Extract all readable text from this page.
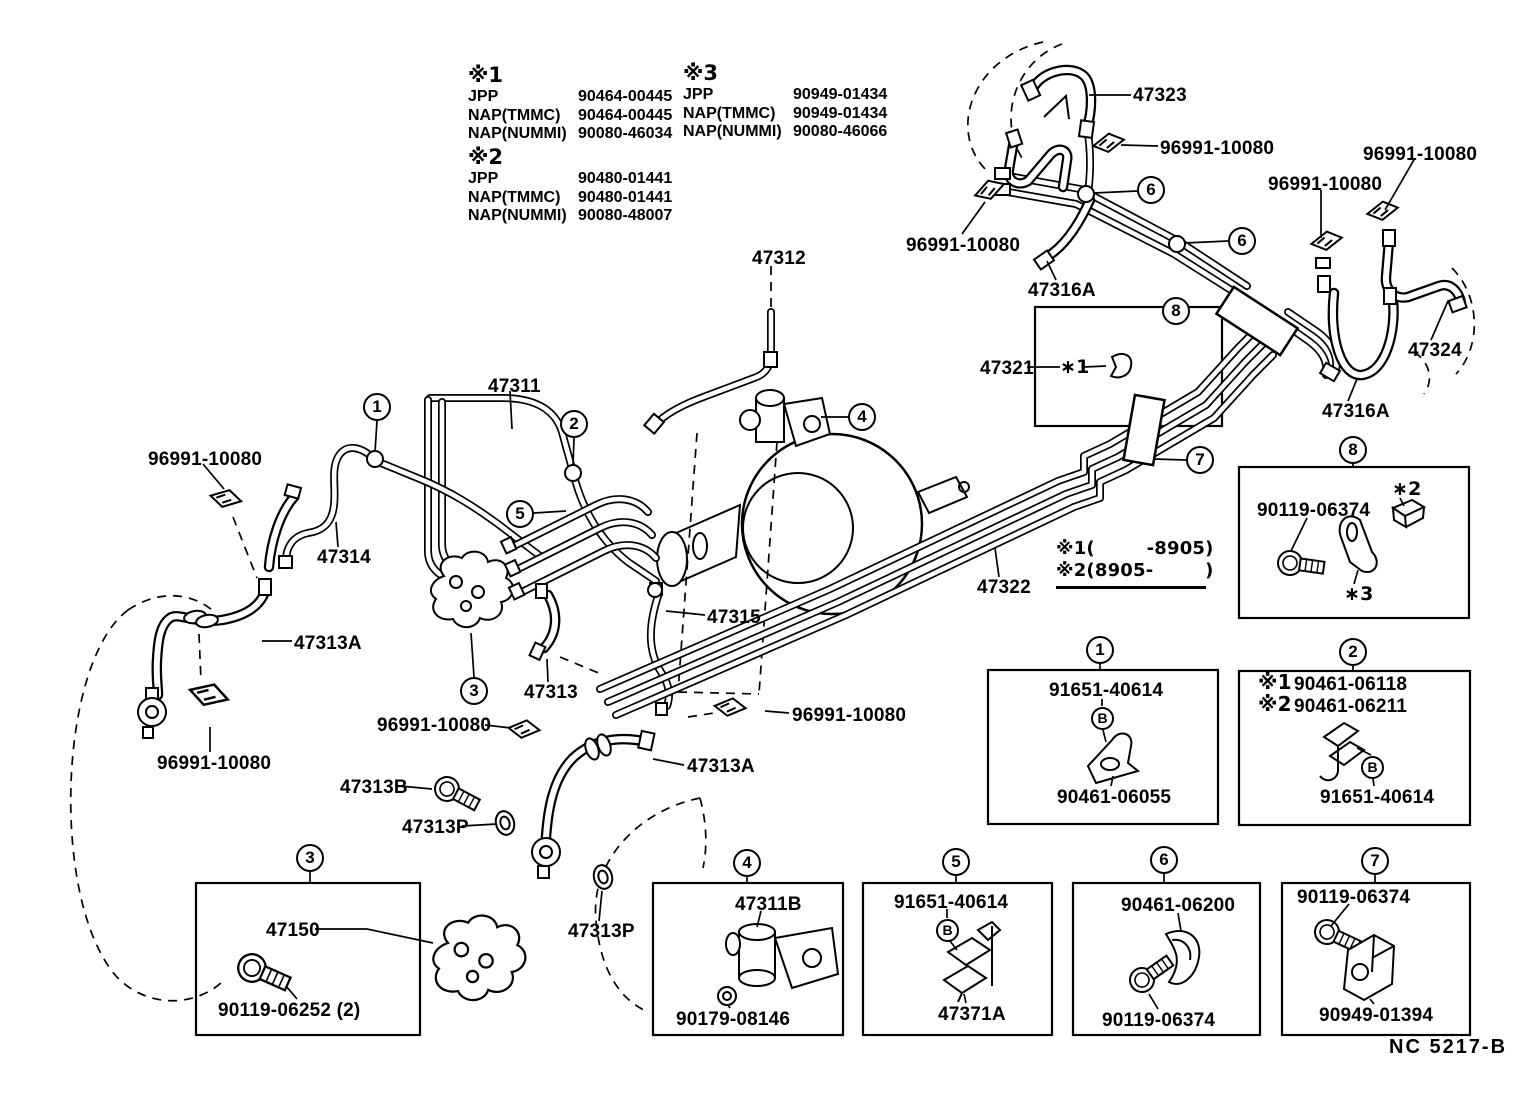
※1
JPP	90464-00445
NAP(TMMC)	90464-00445
NAP(NUMMI) 90080-46034
※2
JPP	90480-01441
NAP(TMMC)	90480-01441
NAP(NUMMI) 90080-48007
※3
JPP	90949-01434
NAP(TMMC)	90949-01434
NAP(NUMMI) 90080-46066
47323
96991-10080	96991-10080
96991-10080
96991-10080
47316A
47312
47321 ∗1
47324
47316A
47311
96991-10080
47314
47322
47313A
47313
47315
96991-10080	96991-10080
96991-10080
47313B
47313A
47313P
47313P
※1(        -8905)
※2(8905-        )
1
2
3
4
5
6
6
7
8
8
1	2
3	4	5	6	7
91651-40614
B
90461-06055
※1 90461-06118
※2 90461-06211
B
91651-40614
90119-06374
∗2
∗3
47150
90119-06252 (2)
47311B
90179-08146
91651-40614
B
47371A
90461-06200
90119-06374
90119-06374
90949-01394
NC 5217-B
